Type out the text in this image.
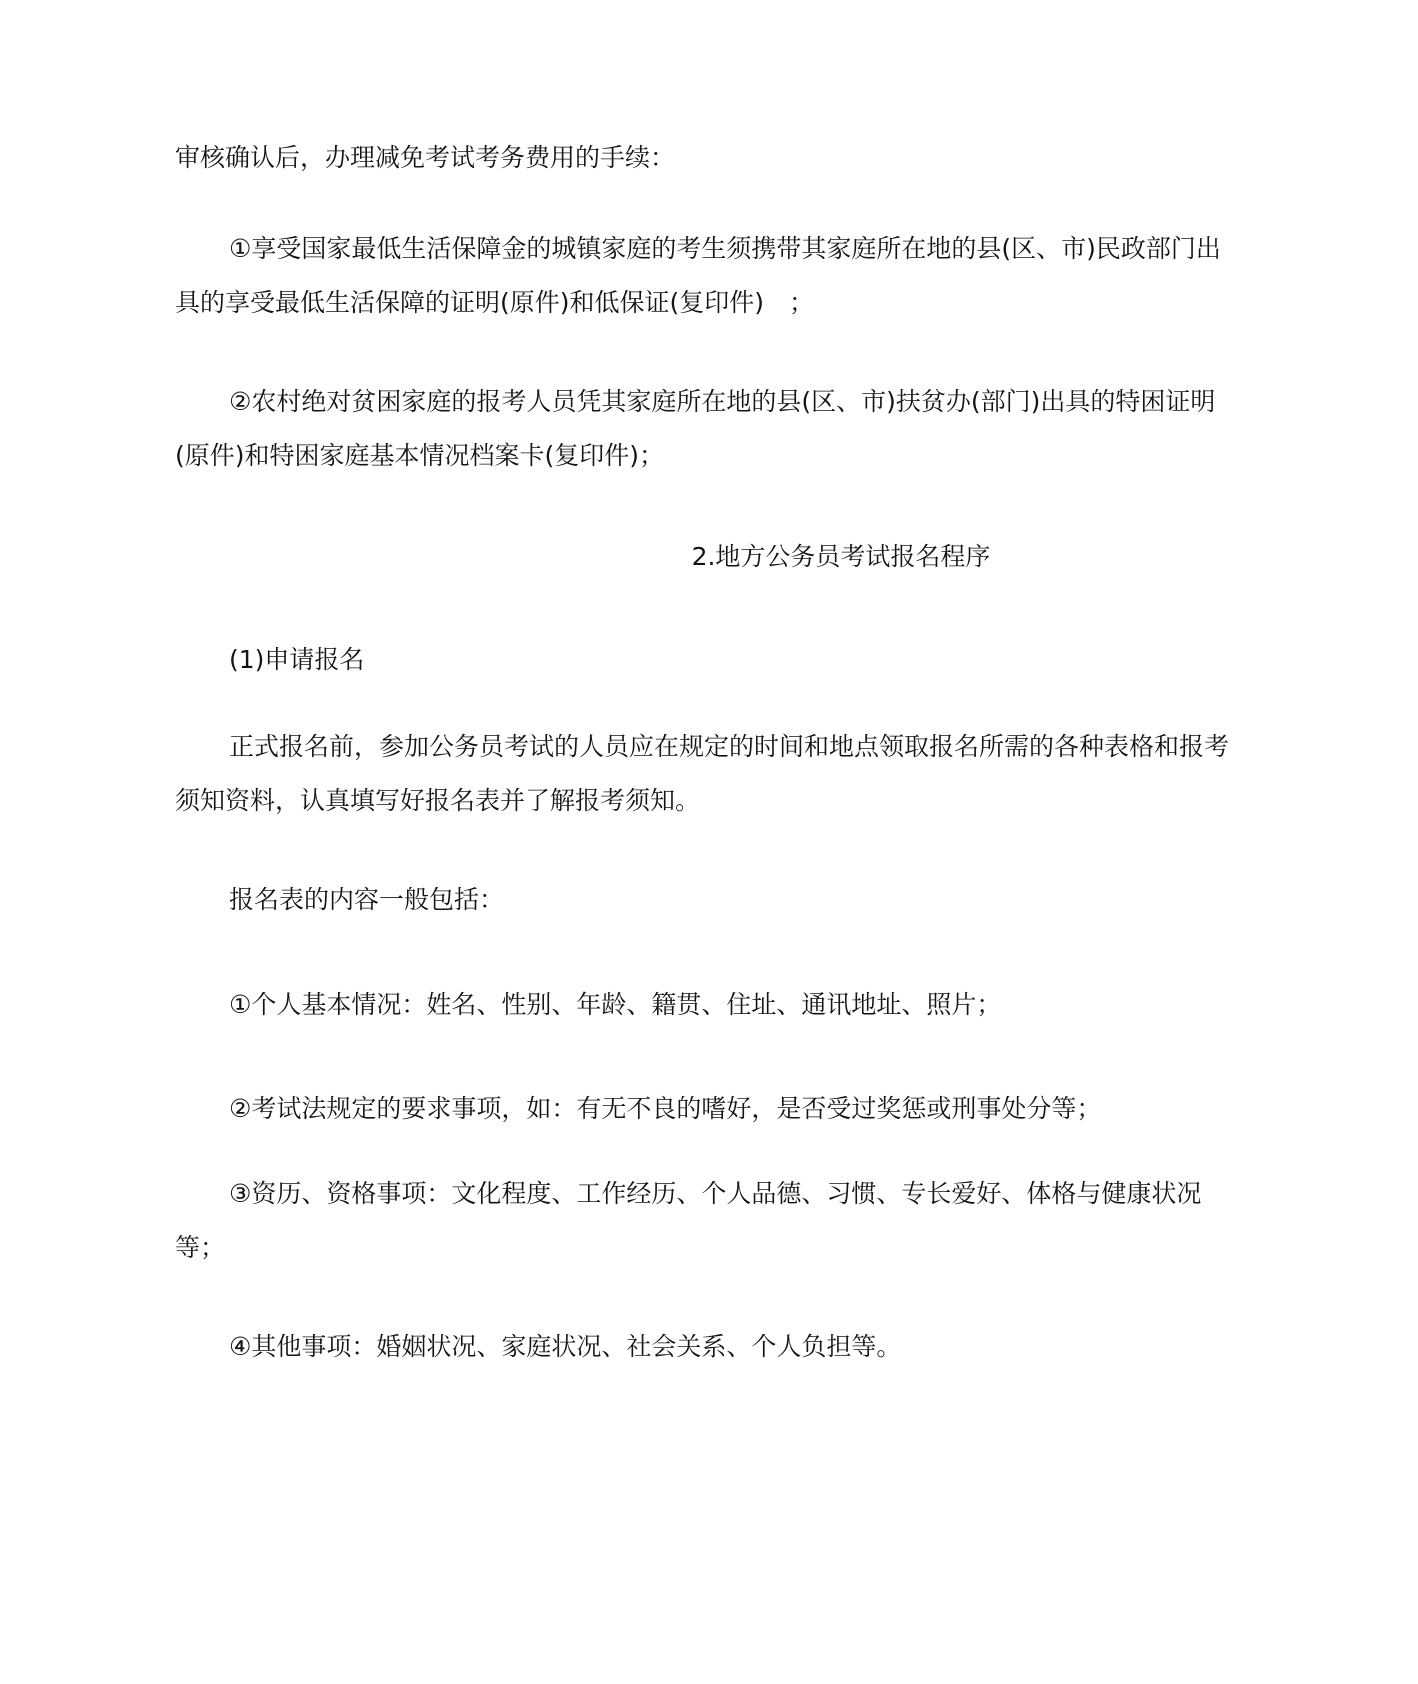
审核确认后，办理减免考试考务费用的手续：

①享受国家最低生活保障金的城镇家庭的考生须携带其家庭所在地的县(区、市)民政部门出具的享受最低生活保障的证明(原件)和低保证(复印件)　；

②农村绝对贫困家庭的报考人员凭其家庭所在地的县(区、市)扶贫办(部门)出具的特困证明(原件)和特困家庭基本情况档案卡(复印件)；

2.地方公务员考试报名程序

(1)申请报名

正式报名前，参加公务员考试的人员应在规定的时间和地点领取报名所需的各种表格和报考须知资料，认真填写好报名表并了解报考须知。

报名表的内容一般包括：

①个人基本情况：姓名、性别、年龄、籍贯、住址、通讯地址、照片；

②考试法规定的要求事项，如：有无不良的嗜好，是否受过奖惩或刑事处分等；

③资历、资格事项：文化程度、工作经历、个人品德、习惯、专长爱好、体格与健康状况等；

④其他事项：婚姻状况、家庭状况、社会关系、个人负担等。
